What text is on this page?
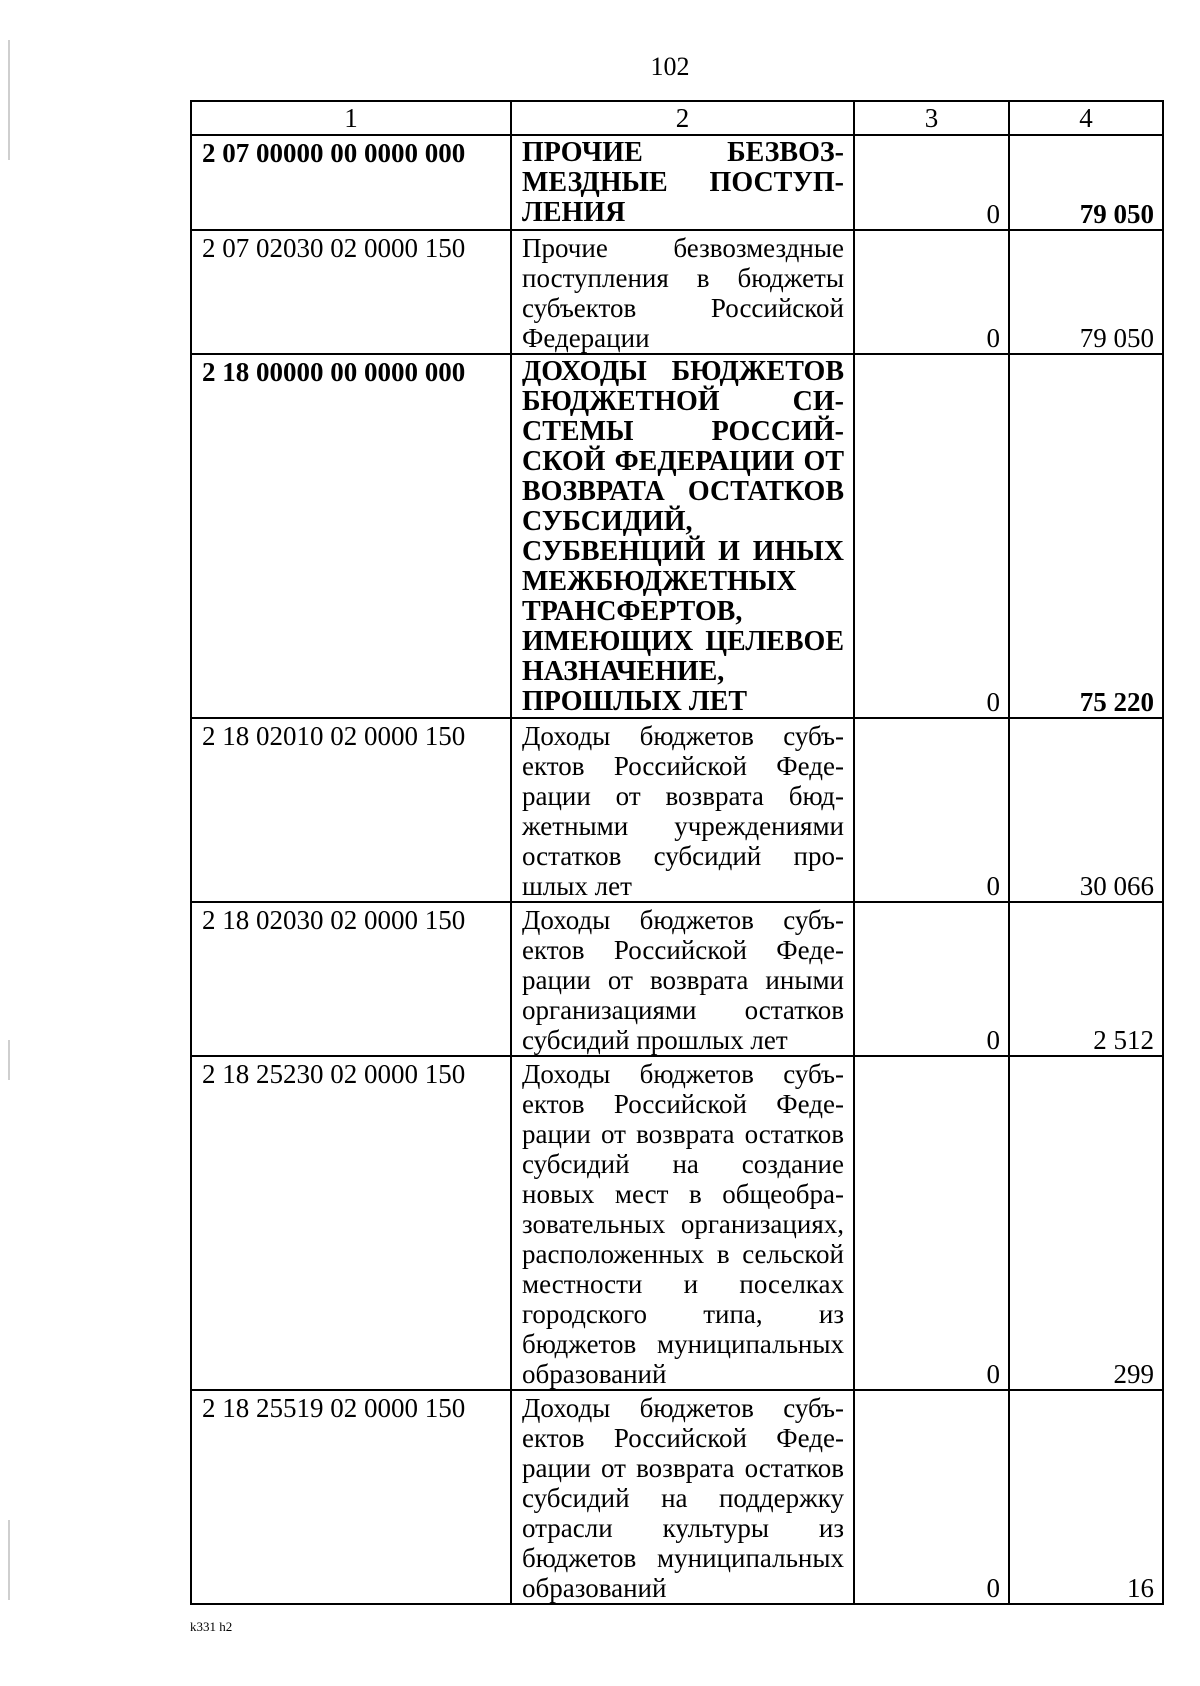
102
1	2	3	4
2 07 00000 00 0000 000	ПРОЧИЕ БЕЗВОЗМЕЗДНЫЕ ПОСТУПЛЕНИЯ	0	79 050
2 07 02030 02 0000 150	Прочие безвозмездные поступления в бюджеты субъектов Российской Федерации	0	79 050
2 18 00000 00 0000 000	ДОХОДЫ БЮДЖЕТОВ БЮДЖЕТНОЙ СИСТЕМЫ РОССИЙСКОЙ ФЕДЕРАЦИИ ОТ ВОЗВРАТА ОСТАТКОВ СУБСИДИЙ, СУБВЕНЦИЙ И ИНЫХ МЕЖБЮДЖЕТНЫХ ТРАНСФЕРТОВ, ИМЕЮЩИХ ЦЕЛЕВОЕ НАЗНАЧЕНИЕ, ПРОШЛЫХ ЛЕТ	0	75 220
2 18 02010 02 0000 150	Доходы бюджетов субъектов Российской Федерации от возврата бюджетными учреждениями остатков субсидий прошлых лет	0	30 066
2 18 02030 02 0000 150	Доходы бюджетов субъектов Российской Федерации от возврата иными организациями остатков субсидий прошлых лет	0	2 512
2 18 25230 02 0000 150	Доходы бюджетов субъектов Российской Федерации от возврата остатков субсидий на создание новых мест в общеобразовательных организациях, расположенных в сельской местности и поселках городского типа, из бюджетов муниципальных образований	0	299
2 18 25519 02 0000 150	Доходы бюджетов субъектов Российской Федерации от возврата остатков субсидий на поддержку отрасли культуры из бюджетов муниципальных образований	0	16
k331 h2
